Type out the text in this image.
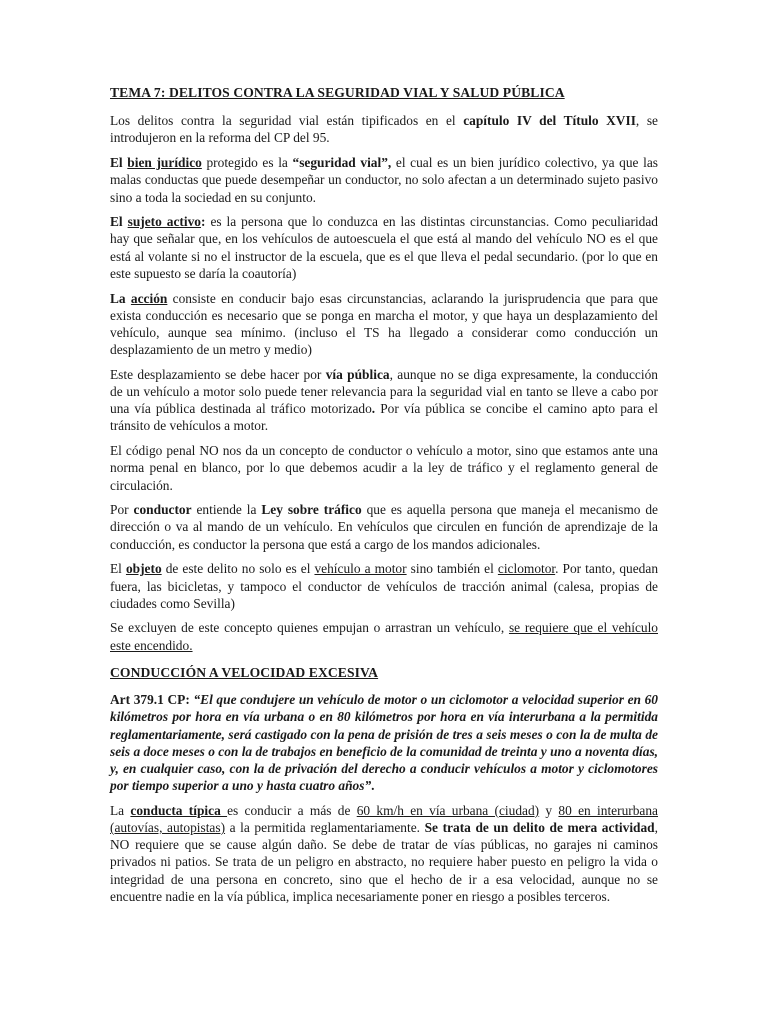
TEMA 7: DELITOS CONTRA LA SEGURIDAD VIAL Y SALUD PÚBLICA

Los delitos contra la seguridad vial están tipificados en el capítulo IV del Título XVII, se introdujeron en la reforma del CP del 95.

El bien jurídico protegido es la “seguridad vial”, el cual es un bien jurídico colectivo, ya que las malas conductas que puede desempeñar un conductor, no solo afectan a un determinado sujeto pasivo sino a toda la sociedad en su conjunto.

El sujeto activo: es la persona que lo conduzca en las distintas circunstancias. Como peculiaridad hay que señalar que, en los vehículos de autoescuela el que está al mando del vehículo NO es el que está al volante si no el instructor de la escuela, que es el que lleva el pedal secundario. (por lo que en este supuesto se daría la coautoría)

La acción consiste en conducir bajo esas circunstancias, aclarando la jurisprudencia que para que exista conducción es necesario que se ponga en marcha el motor, y que haya un desplazamiento del vehículo, aunque sea mínimo. (incluso el TS ha llegado a considerar como conducción un desplazamiento de un metro y medio)

Este desplazamiento se debe hacer por vía pública, aunque no se diga expresamente, la conducción de un vehículo a motor solo puede tener relevancia para la seguridad vial en tanto se lleve a cabo por una vía pública destinada al tráfico motorizado. Por vía pública se concibe el camino apto para el tránsito de vehículos a motor.

El código penal NO nos da un concepto de conductor o vehículo a motor, sino que estamos ante una norma penal en blanco, por lo que debemos acudir a la ley de tráfico y el reglamento general de circulación.

Por conductor entiende la Ley sobre tráfico que es aquella persona que maneja el mecanismo de dirección o va al mando de un vehículo. En vehículos que circulen en función de aprendizaje de la conducción, es conductor la persona que está a cargo de los mandos adicionales.

El objeto de este delito no solo es el vehículo a motor sino también el ciclomotor. Por tanto, quedan fuera, las bicicletas, y tampoco el conductor de vehículos de tracción animal (calesa, propias de ciudades como Sevilla)

Se excluyen de este concepto quienes empujan o arrastran un vehículo, se requiere que el vehículo este encendido.

CONDUCCIÓN A VELOCIDAD EXCESIVA

Art 379.1 CP: “El que condujere un vehículo de motor o un ciclomotor a velocidad superior en 60 kilómetros por hora en vía urbana o en 80 kilómetros por hora en vía interurbana a la permitida reglamentariamente, será castigado con la pena de prisión de tres a seis meses o con la de multa de seis a doce meses o con la de trabajos en beneficio de la comunidad de treinta y uno a noventa días, y, en cualquier caso, con la de privación del derecho a conducir vehículos a motor y ciclomotores por tiempo superior a uno y hasta cuatro años”.

La conducta típica es conducir a más de 60 km/h en vía urbana (ciudad) y 80 en interurbana (autovías, autopistas) a la permitida reglamentariamente. Se trata de un delito de mera actividad, NO requiere que se cause algún daño. Se debe de tratar de vías públicas, no garajes ni caminos privados ni patios. Se trata de un peligro en abstracto, no requiere haber puesto en peligro la vida o integridad de una persona en concreto, sino que el hecho de ir a esa velocidad, aunque no se encuentre nadie en la vía pública, implica necesariamente poner en riesgo a posibles terceros.
